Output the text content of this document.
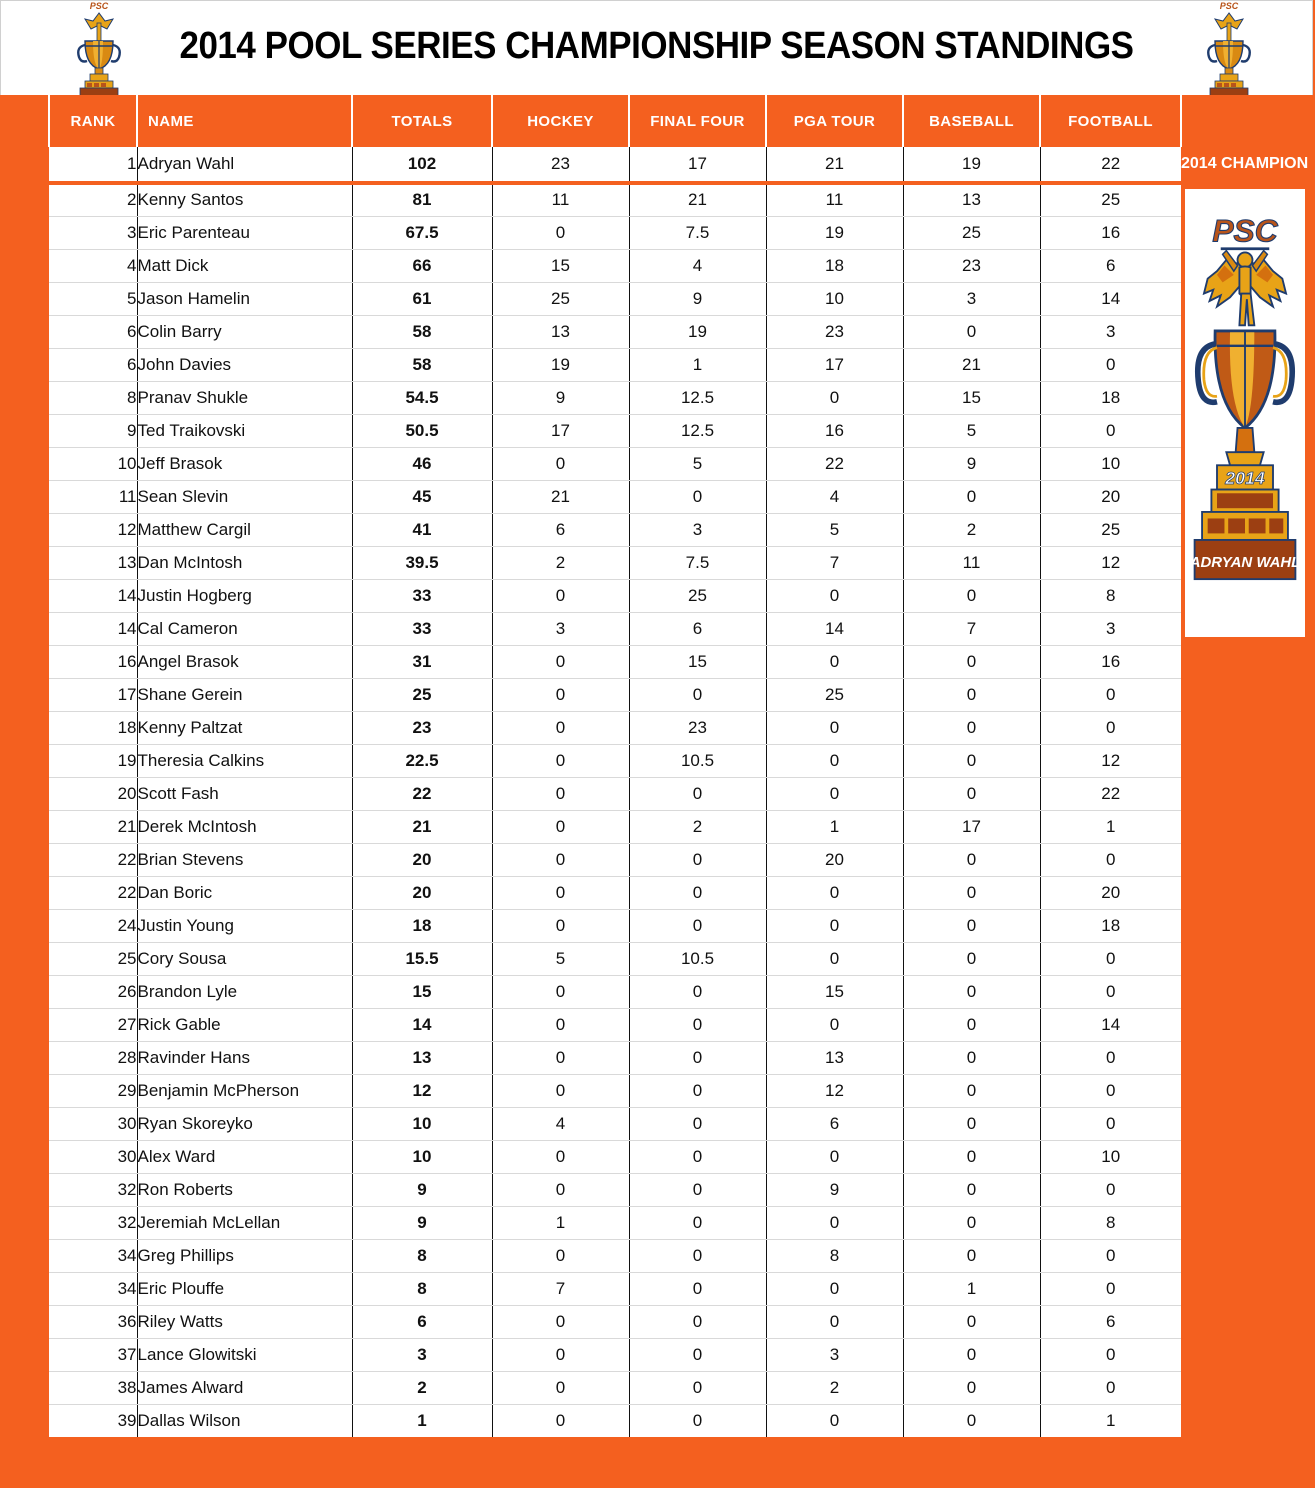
PSC
2014 POOL SERIES CHAMPIONSHIP SEASON STANDINGS
PSC
RANK	NAME	TOTALS	HOCKEY	FINAL FOUR	PGA TOUR	BASEBALL	FOOTBALL
1	Adryan Wahl	102	23	17	21	19	22
2	Kenny Santos	81	11	21	11	13	25
3	Eric Parenteau	67.5	0	7.5	19	25	16
4	Matt Dick	66	15	4	18	23	6
5	Jason Hamelin	61	25	9	10	3	14
6	Colin Barry	58	13	19	23	0	3
6	John Davies	58	19	1	17	21	0
8	Pranav Shukle	54.5	9	12.5	0	15	18
9	Ted Traikovski	50.5	17	12.5	16	5	0
10	Jeff Brasok	46	0	5	22	9	10
11	Sean Slevin	45	21	0	4	0	20
12	Matthew Cargil	41	6	3	5	2	25
13	Dan McIntosh	39.5	2	7.5	7	11	12
14	Justin Hogberg	33	0	25	0	0	8
14	Cal Cameron	33	3	6	14	7	3
16	Angel Brasok	31	0	15	0	0	16
17	Shane Gerein	25	0	0	25	0	0
18	Kenny Paltzat	23	0	23	0	0	0
19	Theresia Calkins	22.5	0	10.5	0	0	12
20	Scott Fash	22	0	0	0	0	22
21	Derek McIntosh	21	0	2	1	17	1
22	Brian Stevens	20	0	0	20	0	0
22	Dan Boric	20	0	0	0	0	20
24	Justin Young	18	0	0	0	0	18
25	Cory Sousa	15.5	5	10.5	0	0	0
26	Brandon Lyle	15	0	0	15	0	0
27	Rick Gable	14	0	0	0	0	14
28	Ravinder Hans	13	0	0	13	0	0
29	Benjamin McPherson	12	0	0	12	0	0
30	Ryan Skoreyko	10	4	0	6	0	0
30	Alex Ward	10	0	0	0	0	10
32	Ron Roberts	9	0	0	9	0	0
32	Jeremiah McLellan	9	1	0	0	0	8
34	Greg Phillips	8	0	0	8	0	0
34	Eric Plouffe	8	7	0	0	1	0
36	Riley Watts	6	0	0	0	0	6
37	Lance Glowitski	3	0	0	3	0	0
38	James Alward	2	0	0	2	0	0
39	Dallas Wilson	1	0	0	0	0	1
2014 CHAMPION
PSC
2014
ADRYAN WAHL
